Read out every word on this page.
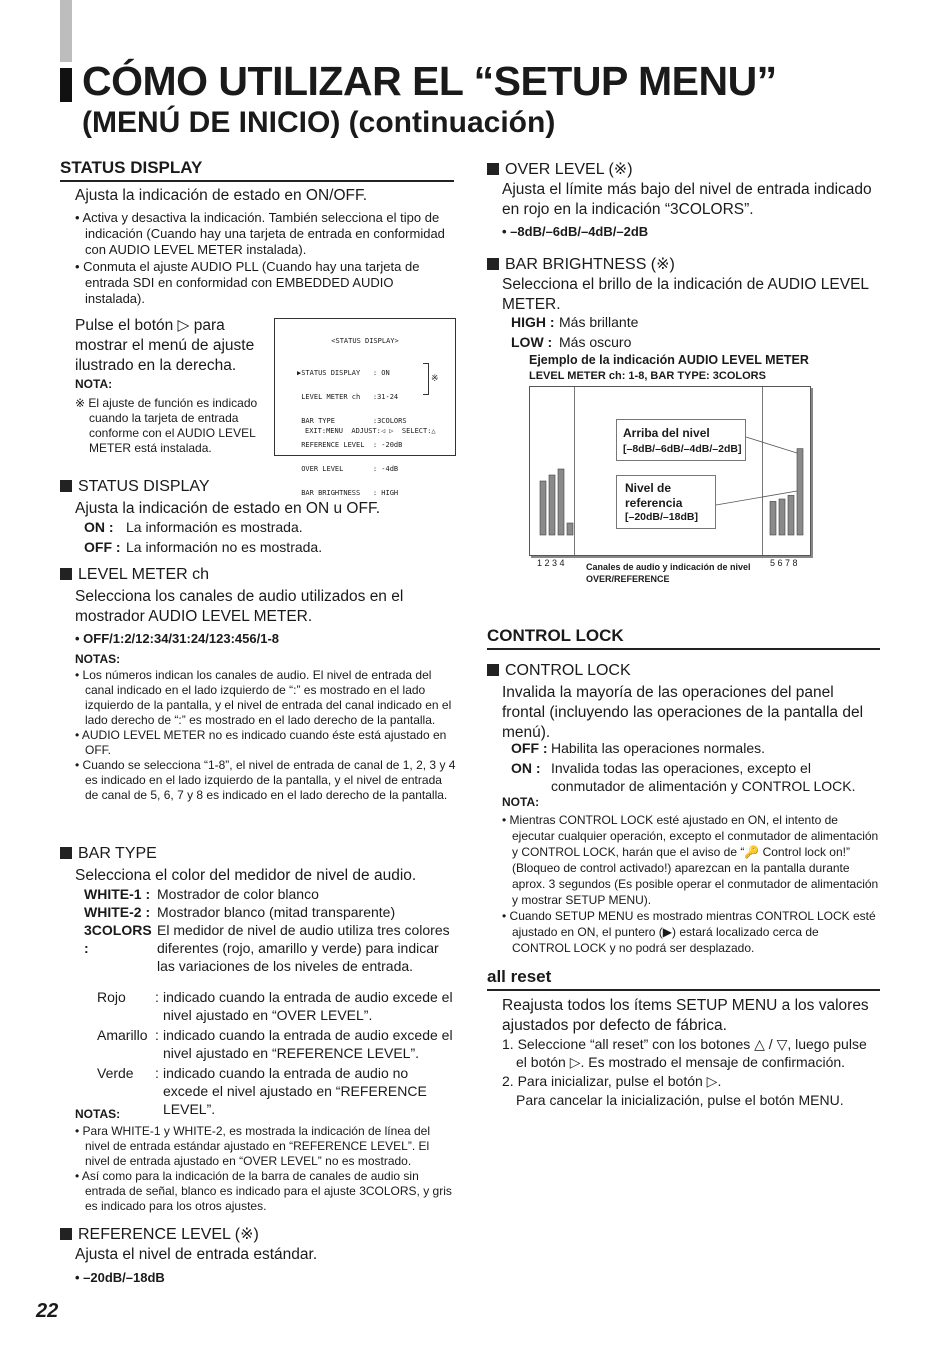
CÓMO UTILIZAR EL “SETUP MENU”
(MENÚ DE INICIO) (continuación)
STATUS DISPLAY
Ajusta la indicación de estado en ON/OFF.
• Activa y desactiva la indicación. También selecciona el tipo de indicación (Cuando hay una tarjeta de entrada en conformidad con AUDIO LEVEL METER instalada).
• Conmuta el ajuste AUDIO PLL (Cuando hay una tarjeta de entrada SDI en conformidad con EMBEDDED AUDIO instalada).
Pulse el botón ▷ para mostrar el menú de ajuste ilustrado en la derecha.
NOTA:
※ El ajuste de función es indicado cuando la tarjeta de entrada conforme con el AUDIO LEVEL METER está instalada.
<STATUS DISPLAY>

▶STATUS DISPLAY   : ON

LEVEL METER ch   :31-24

BAR TYPE         :3COLORS

REFERENCE LEVEL  : -20dB

OVER LEVEL       : -4dB

BAR BRIGHTNESS   : HIGH

※
EXIT:MENU  ADJUST:◁ ▷  SELECT:△
STATUS DISPLAY
Ajusta la indicación de estado en ON u OFF.
ON : La información es mostrada.
OFF : La información no es mostrada.
LEVEL METER ch
Selecciona los canales de audio utilizados en el mostrador AUDIO LEVEL METER.
• OFF/1:2/12:34/31:24/123:456/1-8
NOTAS:
• Los números indican los canales de audio. El nivel de entrada del canal indicado en el lado izquierdo de “:” es mostrado en el lado izquierdo de la pantalla, y el nivel de entrada del canal indicado en el lado derecho de “:” es mostrado en el lado derecho de la pantalla.
• AUDIO LEVEL METER no es indicado cuando éste está ajustado en OFF.
• Cuando se selecciona “1-8”, el nivel de entrada de canal de 1, 2, 3 y 4 es indicado en el lado izquierdo de la pantalla, y el nivel de entrada de canal de 5, 6, 7 y 8 es indicado en el lado derecho de la pantalla.
BAR TYPE
Selecciona el color del medidor de nivel de audio.
WHITE-1 : Mostrador de color blanco
WHITE-2 : Mostrador blanco (mitad transparente)
3COLORS :
El medidor de nivel de audio utiliza tres colores diferentes (rojo, amarillo y verde) para indicar las variaciones de los niveles de entrada.
Rojo	: indicado cuando la entrada de audio excede el nivel ajustado en “OVER LEVEL”.
Amarillo : indicado cuando la entrada de audio excede el nivel ajustado en “REFERENCE LEVEL”.
Verde	: indicado cuando la entrada de audio no excede el nivel ajustado en “REFERENCE LEVEL”.
NOTAS:
• Para WHITE-1 y WHITE-2, es mostrada la indicación de línea del nivel de entrada estándar ajustado en “REFERENCE LEVEL”. El nivel de entrada ajustado en “OVER LEVEL” no es mostrado.
• Así como para la indicación de la barra de canales de audio sin entrada de señal, blanco es indicado para el ajuste 3COLORS, y gris es indicado para los otros ajustes.
REFERENCE LEVEL (※)
Ajusta el nivel de entrada estándar.
• –20dB/–18dB
OVER LEVEL (※)
Ajusta el límite más bajo del nivel de entrada indicado en rojo en la indicación “3COLORS”.
• –8dB/–6dB/–4dB/–2dB
BAR BRIGHTNESS (※)
Selecciona el brillo de la indicación de AUDIO LEVEL METER.
HIGH : Más brillante
LOW : Más oscuro
Ejemplo de la indicación AUDIO LEVEL METER
LEVEL METER ch: 1-8, BAR TYPE: 3COLORS
Arriba del nivel
[–8dB/–6dB/–4dB/–2dB]
Nivel de referencia
[–20dB/–18dB]
1 2 3 4	5 6 7 8
Canales de audio y indicación de nivel OVER/REFERENCE
CONTROL LOCK
CONTROL LOCK
Invalida la mayoría de las operaciones del panel frontal (incluyendo las operaciones de la pantalla del menú).
OFF : Habilita las operaciones normales.
ON : Invalida todas las operaciones, excepto el conmutador de alimentación y CONTROL LOCK.
NOTA:
• Mientras CONTROL LOCK esté ajustado en ON, el intento de ejecutar cualquier operación, excepto el conmutador de alimentación y CONTROL LOCK, harán que el aviso de “🔑 Control lock on!” (Bloqueo de control activado!) aparezcan en la pantalla durante aprox. 3 segundos (Es posible operar el conmutador de alimentación y mostrar SETUP MENU).
• Cuando SETUP MENU es mostrado mientras CONTROL LOCK esté ajustado en ON, el puntero (▶) estará localizado cerca de CONTROL LOCK y no podrá ser desplazado.
all reset
Reajusta todos los ítems SETUP MENU a los valores ajustados por defecto de fábrica.
1. Seleccione “all reset” con los botones △ / ▽, luego pulse el botón ▷. Es mostrado el mensaje de confirmación.
2. Para inicializar, pulse el botón ▷.
Para cancelar la inicialización, pulse el botón MENU.
22
